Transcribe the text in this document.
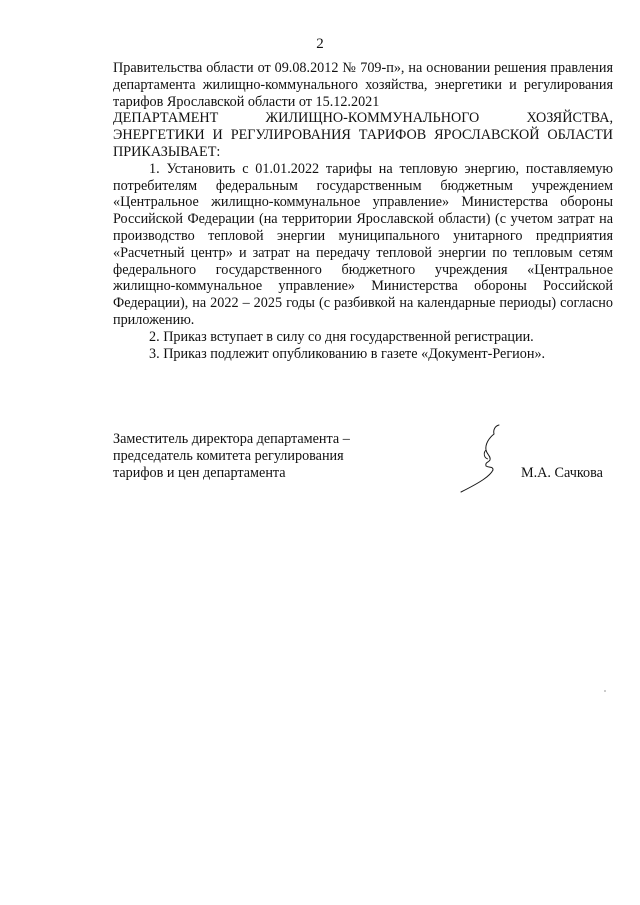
2

Правительства области от 09.08.2012 № 709-п», на основании решения правления департамента жилищно-коммунального хозяйства, энергетики и регулирования тарифов Ярославской области от 15.12.2021

ДЕПАРТАМЕНТ ЖИЛИЩНО-КОММУНАЛЬНОГО ХОЗЯЙСТВА, ЭНЕРГЕТИКИ И РЕГУЛИРОВАНИЯ ТАРИФОВ ЯРОСЛАВСКОЙ ОБЛАСТИ ПРИКАЗЫВАЕТ:

1. Установить с 01.01.2022 тарифы на тепловую энергию, поставляемую потребителям федеральным государственным бюджетным учреждением «Центральное жилищно-коммунальное управление» Министерства обороны Российской Федерации (на территории Ярославской области) (с учетом затрат на производство тепловой энергии муниципального унитарного предприятия «Расчетный центр» и затрат на передачу тепловой энергии по тепловым сетям федерального государственного бюджетного учреждения «Центральное жилищно-коммунальное управление» Министерства обороны Российской Федерации), на 2022 – 2025 годы (с разбивкой на календарные периоды) согласно приложению.

2. Приказ вступает в силу со дня государственной регистрации.

3. Приказ подлежит опубликованию в газете «Документ-Регион».

Заместитель директора департамента –
председатель комитета регулирования
тарифов и цен департамента	М.А. Сачкова
